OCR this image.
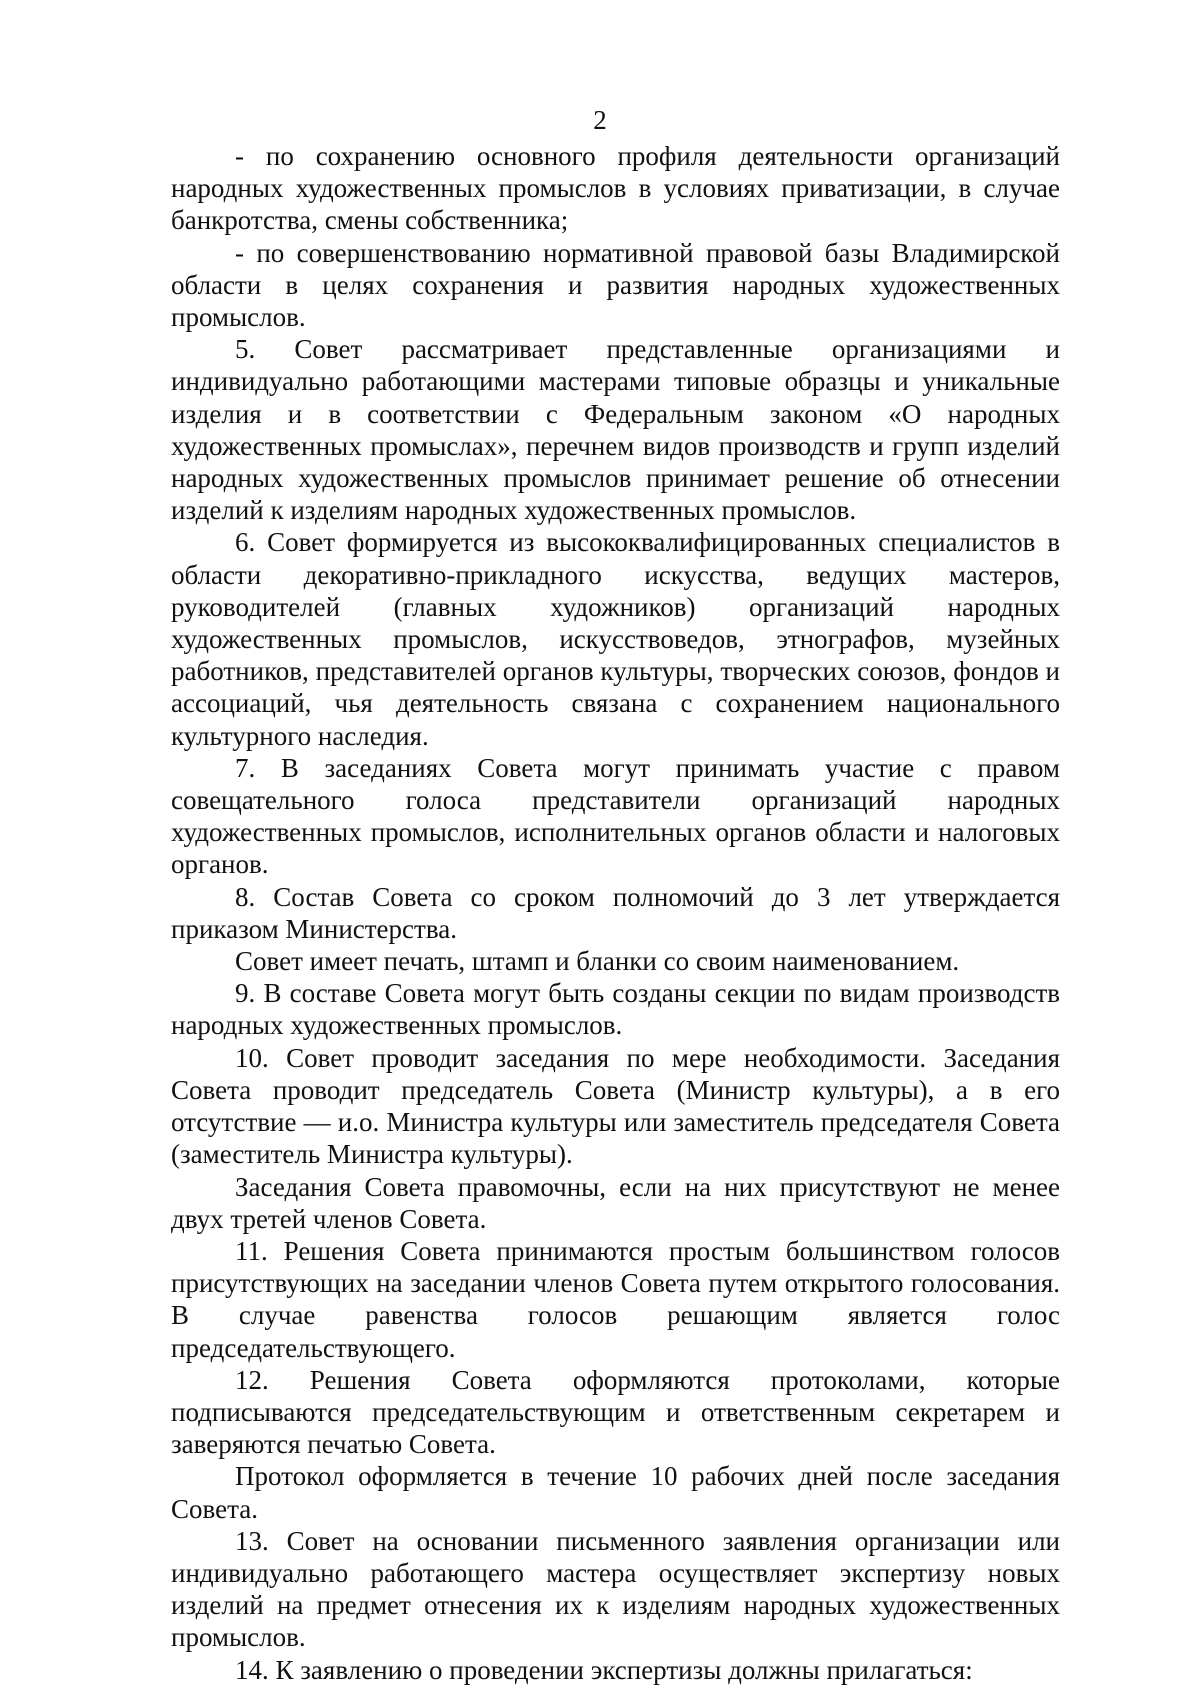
2

- по сохранению основного профиля деятельности организаций народных художественных промыслов в условиях приватизации, в случае банкротства, смены собственника;

- по совершенствованию нормативной правовой базы Владимирской области в целях сохранения и развития народных художественных промыслов.

5. Совет рассматривает представленные организациями и индивидуально работающими мастерами типовые образцы и уникальные изделия и в соответствии с Федеральным законом «О народных художественных промыслах», перечнем видов производств и групп изделий народных художественных промыслов принимает решение об отнесении изделий к изделиям народных художественных промыслов.

6. Совет формируется из высококвалифицированных специалистов в области декоративно-прикладного искусства, ведущих мастеров, руководителей (главных художников) организаций народных художественных промыслов, искусствоведов, этнографов, музейных работников, представителей органов культуры, творческих союзов, фондов и ассоциаций, чья деятельность связана с сохранением национального культурного наследия.

7. В заседаниях Совета могут принимать участие с правом совещательного голоса представители организаций народных художественных промыслов, исполнительных органов области и налоговых органов.

8. Состав Совета со сроком полномочий до 3 лет утверждается приказом Министерства.

Совет имеет печать, штамп и бланки со своим наименованием.

9. В составе Совета могут быть созданы секции по видам производств народных художественных промыслов.

10. Совет проводит заседания по мере необходимости. Заседания Совета проводит председатель Совета (Министр культуры), а в его отсутствие — и.о. Министра культуры или заместитель председателя Совета (заместитель Министра культуры).

Заседания Совета правомочны, если на них присутствуют не менее двух третей членов Совета.

11. Решения Совета принимаются простым большинством голосов присутствующих на заседании членов Совета путем открытого голосования. В случае равенства голосов решающим является голос председательствующего.

12. Решения Совета оформляются протоколами, которые подписываются председательствующим и ответственным секретарем и заверяются печатью Совета.

Протокол оформляется в течение 10 рабочих дней после заседания Совета.

13. Совет на основании письменного заявления организации или индивидуально работающего мастера осуществляет экспертизу новых изделий на предмет отнесения их к изделиям народных художественных промыслов.

14. К заявлению о проведении экспертизы должны прилагаться:
